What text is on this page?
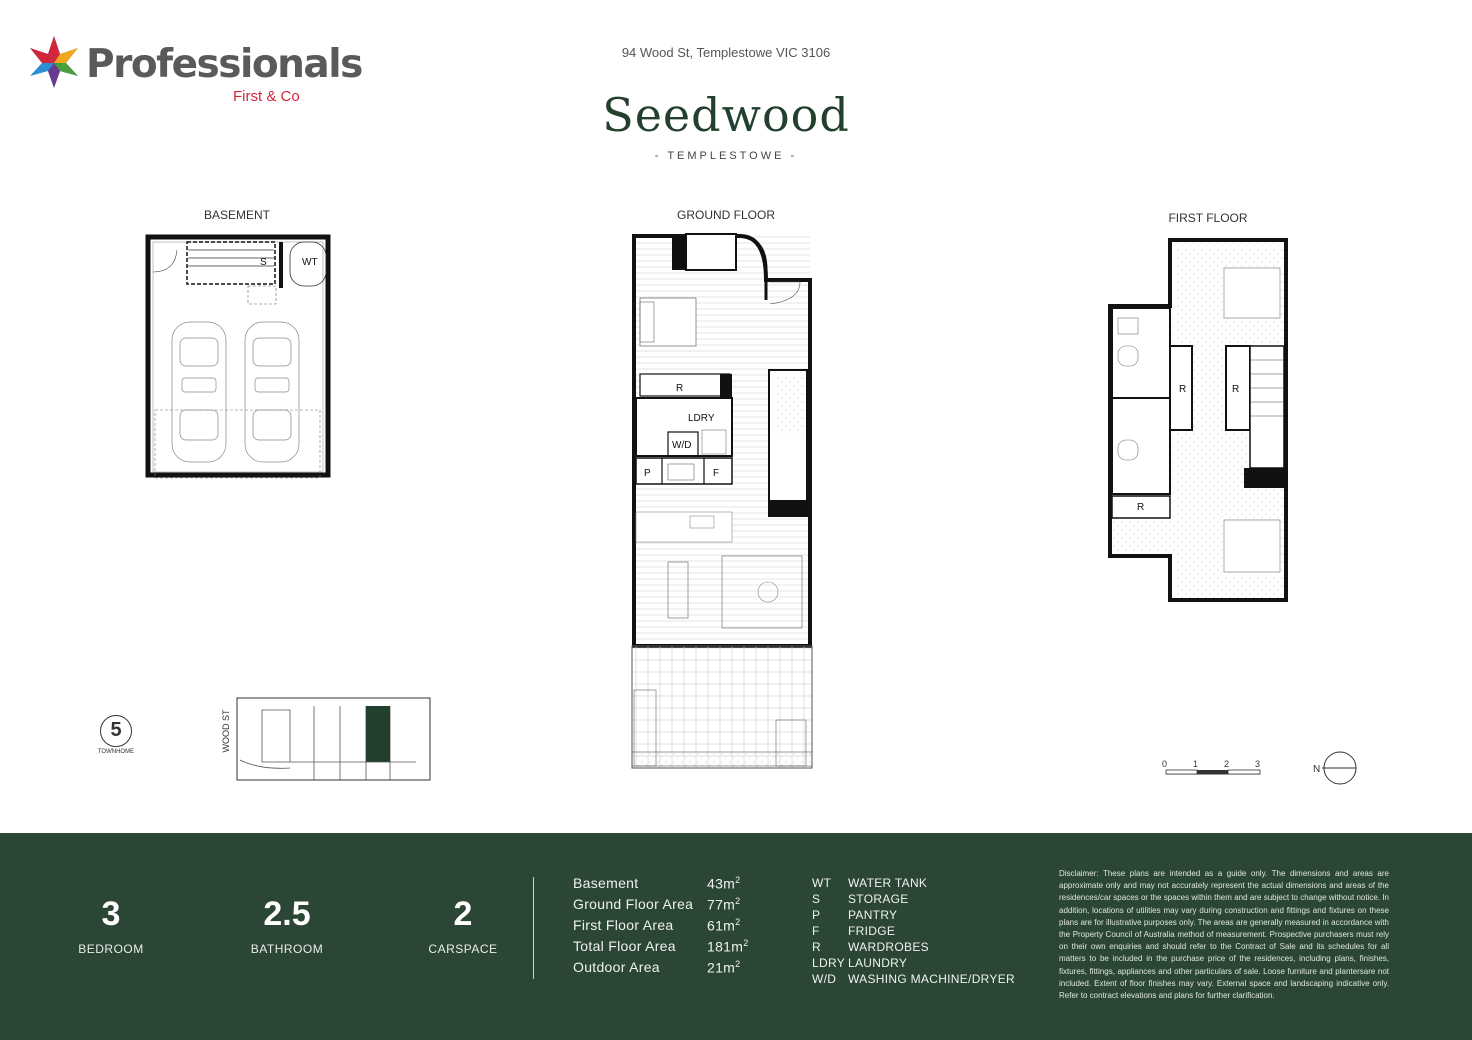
Professionals
First & Co
94 Wood St, Templestowe VIC 3106
Seedwood
- TEMPLESTOWE -
BASEMENT	GROUND FLOOR	FIRST FLOOR
S	WT
R
LDRY
W/D
P	F
R	R
R
0	1	2	3	N
5
TOWNHOME	WOOD ST
3
BEDROOM
2.5
BATHROOM
2
CARSPACE
Basement	$43m^2$
Ground Floor Area $77m^2$
First Floor Area	$61m^2$
Total Floor Area	$181m^2$
Outdoor Area	$21m^2$
WT	WATER TANK
S	STORAGE
P	PANTRY
F	FRIDGE
R	WARDROBES
LDRY LAUNDRY
W/D WASHING MACHINE/DRYER
Disclaimer: These plans are intended as a guide only. The dimensions and areas are approximate only and may not accurately represent the actual dimensions and areas of the residences/car spaces or the spaces within them and are subject to change without notice. In addition, locations of utilities may vary during construction and fittings and fixtures on these plans are for illustrative purposes only. The areas are generally measured in accordance with the Property Council of Australia method of measurement. Prospective purchasers must rely on their own enquiries and should refer to the Contract of Sale and its schedules for all matters to be included in the purchase price of the residences, including plans, finishes, fixtures, fittings, appliances and other particulars of sale. Loose furniture and plantersare not included. Extent of floor finishes may vary. External space and landscaping indicative only. Refer to contract elevations and plans for further clarification.
